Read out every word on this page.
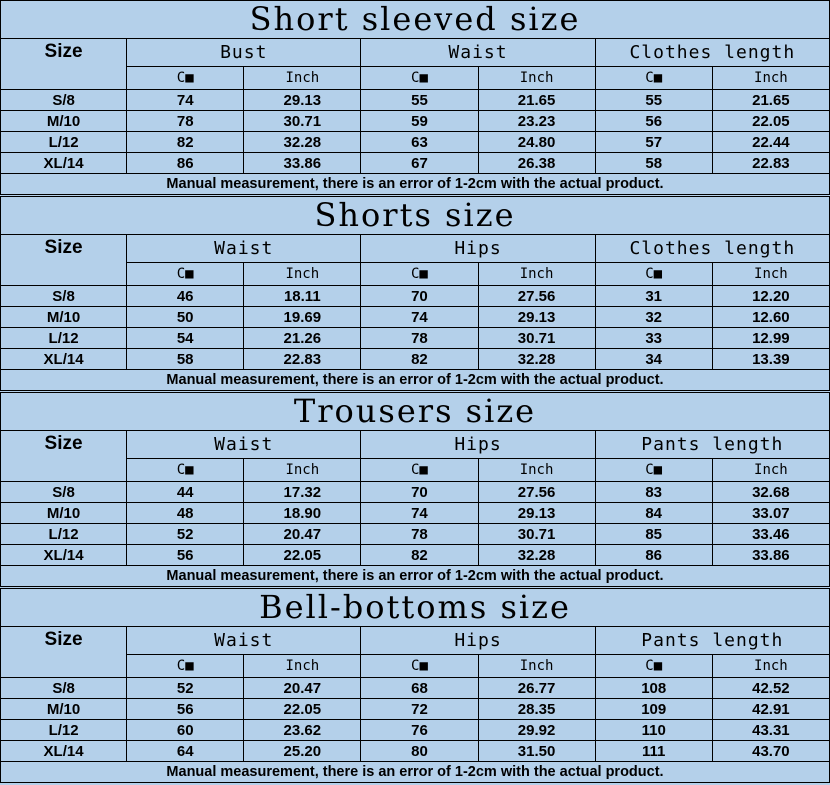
Short sleeved size						
Size	Bust		Waist		Clothes length	
	C■	Inch	C■	Inch	C■	Inch
S/8	74	29.13	55	21.65	55	21.65
M/10	78	30.71	59	23.23	56	22.05
L/12	82	32.28	63	24.80	57	22.44
XL/14	86	33.86	67	26.38	58	22.83
Manual measurement, there is an error of 1-2cm with the actual product.						
Shorts size						
Size	Waist		Hips		Clothes length	
	C■	Inch	C■	Inch	C■	Inch
S/8	46	18.11	70	27.56	31	12.20
M/10	50	19.69	74	29.13	32	12.60
L/12	54	21.26	78	30.71	33	12.99
XL/14	58	22.83	82	32.28	34	13.39
Manual measurement, there is an error of 1-2cm with the actual product.						
Trousers size						
Size	Waist		Hips		Pants length	
	C■	Inch	C■	Inch	C■	Inch
S/8	44	17.32	70	27.56	83	32.68
M/10	48	18.90	74	29.13	84	33.07
L/12	52	20.47	78	30.71	85	33.46
XL/14	56	22.05	82	32.28	86	33.86
Manual measurement, there is an error of 1-2cm with the actual product.						
Bell-bottoms size						
Size	Waist		Hips		Pants length	
	C■	Inch	C■	Inch	C■	Inch
S/8	52	20.47	68	26.77	108	42.52
M/10	56	22.05	72	28.35	109	42.91
L/12	60	23.62	76	29.92	110	43.31
XL/14	64	25.20	80	31.50	111	43.70
Manual measurement, there is an error of 1-2cm with the actual product.						
